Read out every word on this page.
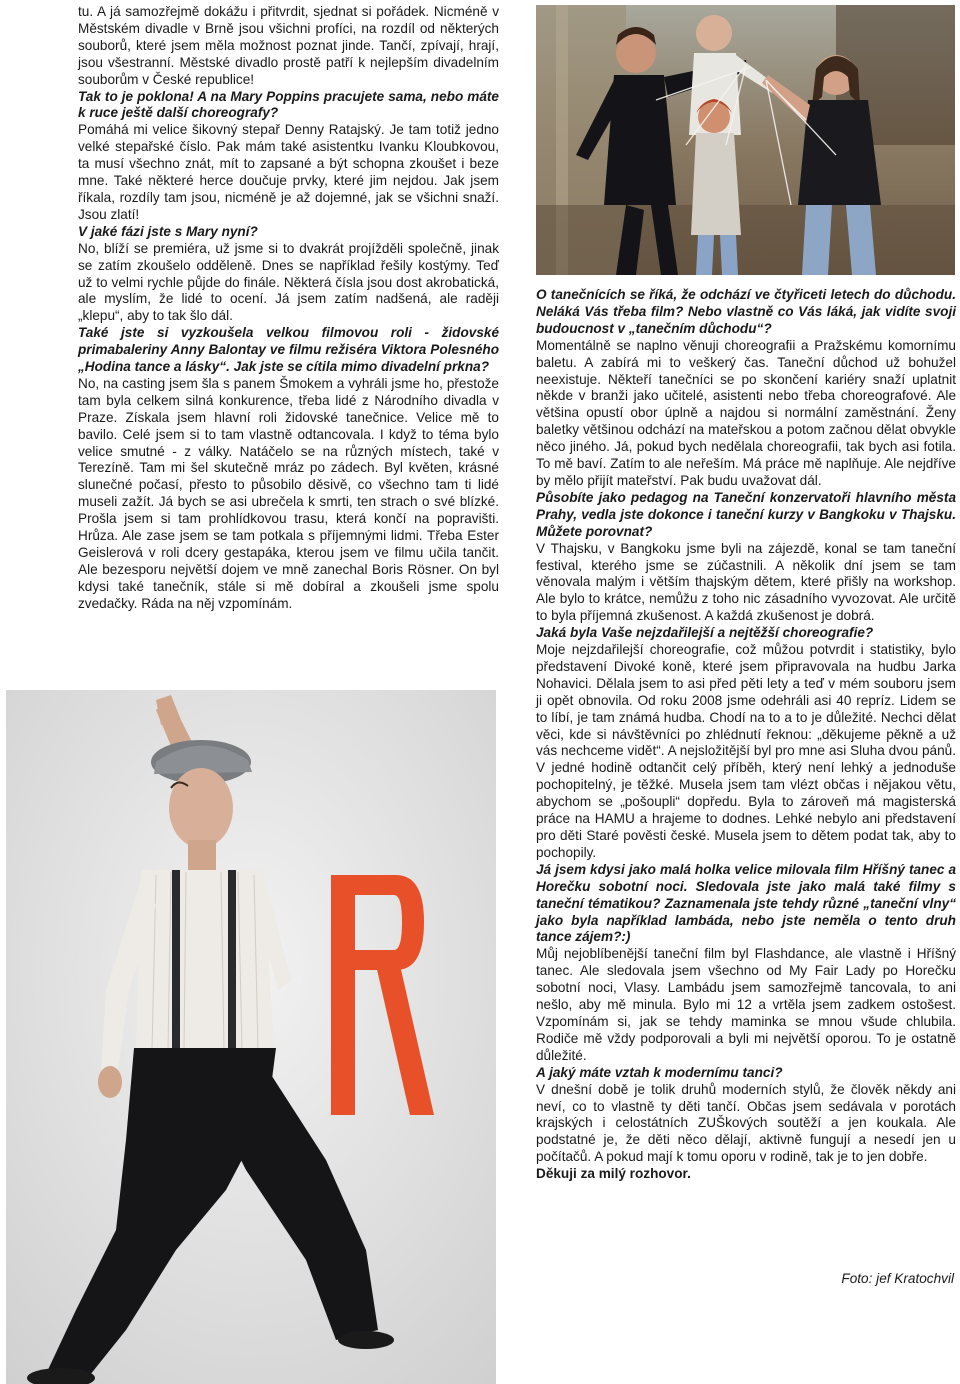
tu. A já samozřejmě dokážu i přitvrdit, sjednat si pořádek. Nicméně v Městském divadle v Brně jsou všichni profíci, na rozdíl od některých souborů, které jsem měla možnost poznat jinde. Tančí, zpívají, hrají, jsou všestranní. Městské divadlo prostě patří k nejlepším divadelním souborům v České republice!

Tak to je poklona! A na Mary Poppins pracujete sama, nebo máte k ruce ještě další choreografy?

Pomáhá mi velice šikovný stepař Denny Ratajský. Je tam totiž jedno velké stepařské číslo. Pak mám také asistentku Ivanku Kloubkovou, ta musí všechno znát, mít to zapsané a být schopna zkoušet i beze mne. Také některé herce doučuje prvky, které jim nejdou. Jak jsem říkala, rozdíly tam jsou, nicméně je až dojemné, jak se všichni snaží. Jsou zlatí!

V jaké fázi jste s Mary nyní?

No, blíží se premiéra, už jsme si to dvakrát projížděli společně, jinak se zatím zkoušelo odděleně. Dnes se například řešily kostýmy. Teď už to velmi rychle půjde do finále. Některá čísla jsou dost akrobatická, ale myslím, že lidé to ocení. Já jsem zatím nadšená, ale raději „klepu“, aby to tak šlo dál.

Také jste si vyzkoušela velkou filmovou roli - židovské primabaleriny Anny Balontay ve filmu režiséra Viktora Polesného „Hodina tance a lásky“. Jak jste se cítila mimo divadelní prkna?

No, na casting jsem šla s panem Šmokem a vyhráli jsme ho, přestože tam byla celkem silná konkurence, třeba lidé z Národního divadla v Praze. Získala jsem hlavní roli židovské tanečnice. Velice mě to bavilo. Celé jsem si to tam vlastně odtancovala. I když to téma bylo velice smutné - z války. Natáčelo se na různých místech, také v Terezíně. Tam mi šel skutečně mráz po zádech. Byl květen, krásné slunečné počasí, přesto to působilo děsivě, co všechno tam ti lidé museli zažít. Já bych se asi ubrečela k smrti, ten strach o své blízké. Prošla jsem si tam prohlídkovou trasu, která končí na popravišti. Hrůza. Ale zase jsem se tam potkala s příjemnými lidmi. Třeba Ester Geislerová v roli dcery gestapáka, kterou jsem ve filmu učila tančit. Ale bezesporu největší dojem ve mně zanechal Boris Rösner. On byl kdysi také tanečník, stále si mě dobíral a zkoušeli jsme spolu zvedačky. Ráda na něj vzpomínám.

O tanečnících se říká, že odchází ve čtyřiceti letech do důchodu. Neláká Vás třeba film? Nebo vlastně co Vás láká, jak vidíte svoji budoucnost v „tanečním důchodu“?

Momentálně se naplno věnuji choreografii a Pražskému komornímu baletu. A zabírá mi to veškerý čas. Taneční důchod už bohužel neexistuje. Někteří tanečníci se po skončení kariéry snaží uplatnit někde v branži jako učitelé, asistenti nebo třeba choreografové. Ale většina opustí obor úplně a najdou si normální zaměstnání. Ženy baletky většinou odchází na mateřskou a potom začnou dělat obvykle něco jiného. Já, pokud bych nedělala choreografii, tak bych asi fotila. To mě baví. Zatím to ale neřeším. Má práce mě naplňuje. Ale nejdříve by mělo přijít mateřství. Pak budu uvažovat dál.

Působíte jako pedagog na Taneční konzervatoři hlavního města Prahy, vedla jste dokonce i taneční kurzy v Bangkoku v Thajsku. Můžete porovnat?

V Thajsku, v Bangkoku jsme byli na zájezdě, konal se tam taneční festival, kterého jsme se zúčastnili. A několik dní jsem se tam věnovala malým i větším thajským dětem, které přišly na workshop. Ale bylo to krátce, nemůžu z toho nic zásadního vyvozovat. Ale určitě to byla příjemná zkušenost. A každá zkušenost je dobrá.

Jaká byla Vaše nejzdařilejší a nejtěžší choreografie?

Moje nejzdařilejší choreografie, což můžou potvrdit i statistiky, bylo představení Divoké koně, které jsem připravovala na hudbu Jarka Nohavici. Dělala jsem to asi před pěti lety a teď v mém souboru jsem ji opět obnovila. Od roku 2008 jsme odehráli asi 40 repríz. Lidem se to líbí, je tam známá hudba. Chodí na to a to je důležité. Nechci dělat věci, kde si návštěvníci po zhlédnutí řeknou: „děkujeme pěkně a už vás nechceme vidět“. A nejsložitější byl pro mne asi Sluha dvou pánů. V jedné hodině odtančit celý příběh, který není lehký a jednoduše pochopitelný, je těžké. Musela jsem tam vlézt občas i nějakou větu, abychom se „pošoupli“ dopředu. Byla to zároveň má magisterská práce na HAMU a hrajeme to dodnes. Lehké nebylo ani představení pro děti Staré pověsti české. Musela jsem to dětem podat tak, aby to pochopily.

Já jsem kdysi jako malá holka velice milovala film Hříšný tanec a Horečku sobotní noci. Sledovala jste jako malá také filmy s taneční tématikou? Zaznamenala jste tehdy různé „taneční vlny“ jako byla například lambáda, nebo jste neměla o tento druh tance zájem?:)

Můj nejoblíbenější taneční film byl Flashdance, ale vlastně i Hříšný tanec. Ale sledovala jsem všechno od My Fair Lady po Horečku sobotní noci, Vlasy. Lambádu jsem samozřejmě tancovala, to ani nešlo, aby mě minula. Bylo mi 12 a vrtěla jsem zadkem ostošest. Vzpomínám si, jak se tehdy maminka se mnou všude chlubila. Rodiče mě vždy podporovali a byli mi největší oporou. To je ostatně důležité.

A jaký máte vztah k modernímu tanci?

V dnešní době je tolik druhů moderních stylů, že člověk někdy ani neví, co to vlastně ty děti tančí. Občas jsem sedávala v porotách krajských i celostátních ZUŠkových soutěží a jen koukala. Ale podstatné je, že děti něco dělají, aktivně fungují a nesedí jen u počítačů. A pokud mají k tomu oporu v rodině, tak je to jen dobře.

Děkuji za milý rozhovor.

Foto: jef Kratochvil
